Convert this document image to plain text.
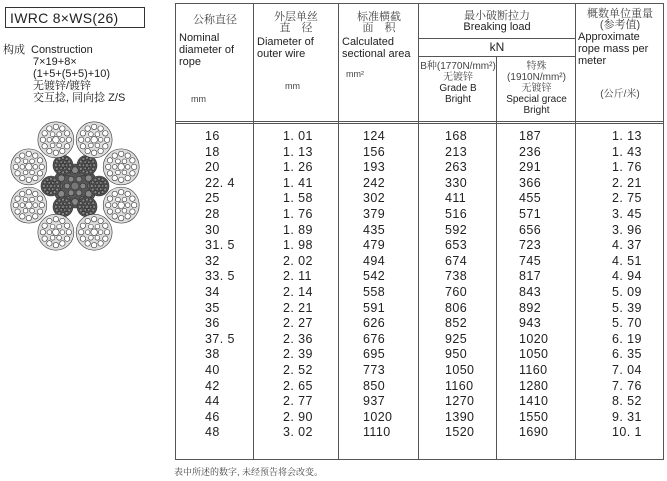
IWRC 8×WS(26)
构成 Construction
7×19+8×
(1+5+(5+5)+10)
无镀锌/镀锌
交互捻, 同向捻 Z/S
公称直径
Nominal diameter of rope
mm
外层单丝
直　径
Diameter of outer wire
mm
标准横截
面　积
Calculated sectional area
mm²
最小破断拉力
Breaking load
kN
B种(1770N/mm²)
无镀锌
Grade B
Bright
特殊(1910N/mm²)
无镀锌
Special grace
Bright
概数单位重量
(参考值)
Approximate rope mass per meter
(公斤/米)
16
18
20
22. 4
25
28
30
31. 5
32
33. 5
34
35
36
37. 5
38
40
42
44
46
48
1. 01
1. 13
1. 26
1. 41
1. 58
1. 76
1. 89
1. 98
2. 02
2. 11
2. 14
2. 21
2. 27
2. 36
2. 39
2. 52
2. 65
2. 77
2. 90
3. 02
124
156
193
242
302
379
435
479
494
542
558
591
626
676
695
773
850
937
1020
1110
168
213
263
330
411
516
592
653
674
738
760
806
852
925
950
1050
1160
1270
1390
1520
187
236
291
366
455
571
656
723
745
817
843
892
943
1020
1050
1160
1280
1410
1550
1690
1. 13
1. 43
1. 76
2. 21
2. 75
3. 45
3. 96
4. 37
4. 51
4. 94
5. 09
5. 39
5. 70
6. 19
6. 35
7. 04
7. 76
8. 52
9. 31
10. 1
表中所述的数字, 未经预告将会改变。
